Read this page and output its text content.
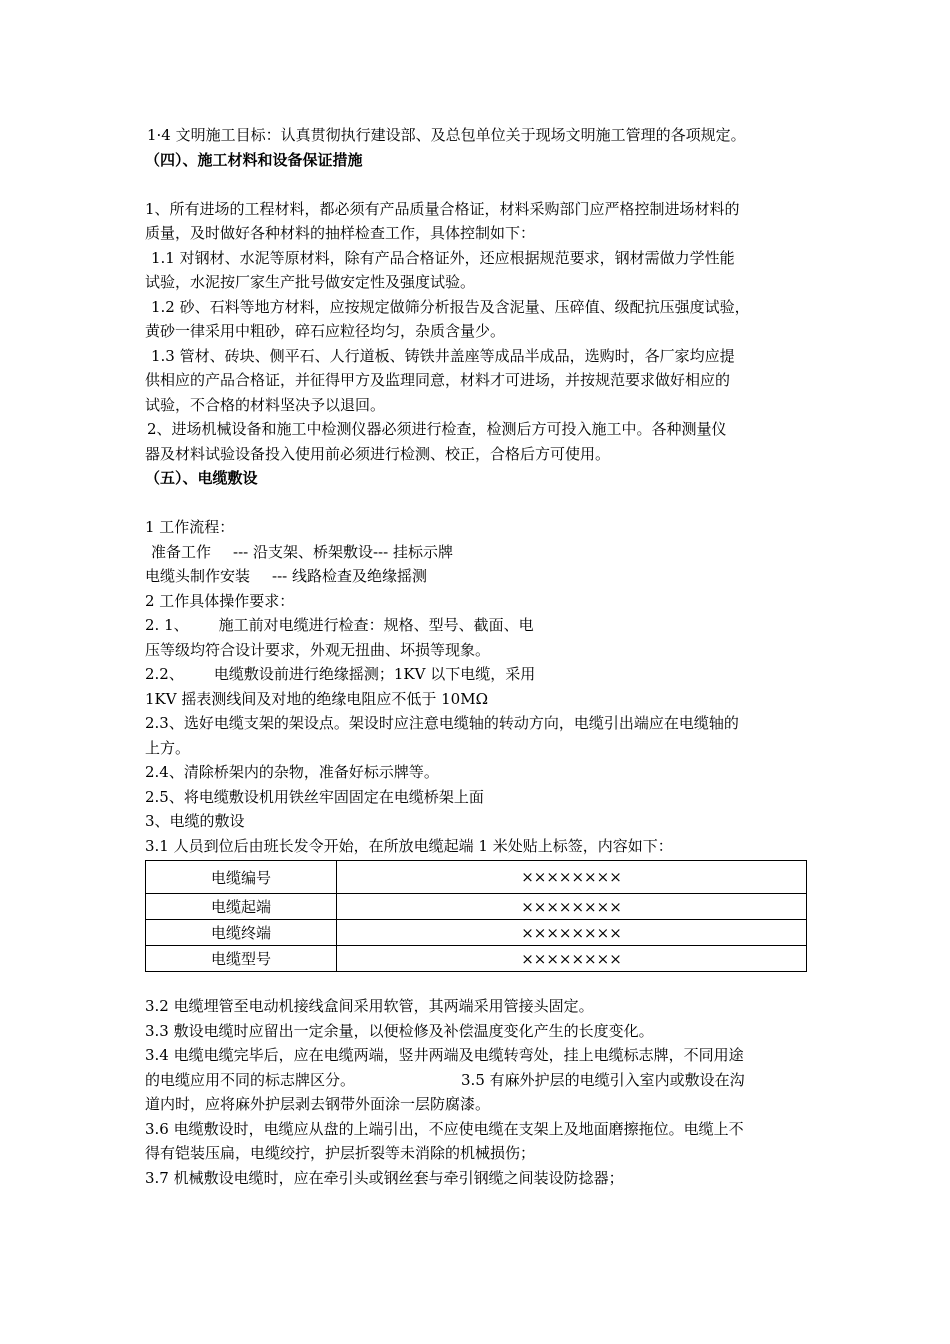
1·4 文明施工目标：认真贯彻执行建设部、及总包单位关于现场文明施工管理的各项规定。

（四）、施工材料和设备保证措施

1、所有进场的工程材料，都必须有产品质量合格证，材料采购部门应严格控制进场材料的

质量，及时做好各种材料的抽样检查工作，具体控制如下：

1.1 对钢材、水泥等原材料，除有产品合格证外，还应根据规范要求，钢材需做力学性能

试验，水泥按厂家生产批号做安定性及强度试验。

1.2 砂、石料等地方材料，应按规定做筛分析报告及含泥量、压碎值、级配抗压强度试验，

黄砂一律采用中粗砂，碎石应粒径均匀，杂质含量少。

1.3 管材、砖块、侧平石、人行道板、铸铁井盖座等成品半成品，选购时，各厂家均应提

供相应的产品合格证，并征得甲方及监理同意，材料才可进场，并按规范要求做好相应的

试验，不合格的材料坚决予以退回。

2、进场机械设备和施工中检测仪器必须进行检查，检测后方可投入施工中。各种测量仪

器及材料试验设备投入使用前必须进行检测、校正，合格后方可使用。

（五）、电缆敷设

1 工作流程：

准备工作 --- 沿支架、桥架敷设--- 挂标示牌

电缆头制作安装 --- 线路检查及绝缘摇测

2 工作具体操作要求：

2. 1、 施工前对电缆进行检查：规格、型号、截面、电

压等级均符合设计要求，外观无扭曲、坏损等现象。

2.2、 电缆敷设前进行绝缘摇测；1KV 以下电缆，采用

1KV 摇表测线间及对地的绝缘电阻应不低于 10MΩ

2.3、选好电缆支架的架设点。架设时应注意电缆轴的转动方向，电缆引出端应在电缆轴的

上方。

2.4、清除桥架内的杂物，准备好标示牌等。

2.5、将电缆敷设机用铁丝牢固固定在电缆桥架上面

3、电缆的敷设

3.1 人员到位后由班长发令开始，在所放电缆起端 1 米处贴上标签，内容如下：

电缆编号	××××××××
电缆起端	××××××××
电缆终端	××××××××
电缆型号	××××××××

3.2 电缆埋管至电动机接线盒间采用软管，其两端采用管接头固定。

3.3 敷设电缆时应留出一定余量，以便检修及补偿温度变化产生的长度变化。

3.4 电缆电缆完毕后，应在电缆两端，竖井两端及电缆转弯处，挂上电缆标志牌，不同用途

的电缆应用不同的标志牌区分。	3.5 有麻外护层的电缆引入室内或敷设在沟

道内时，应将麻外护层剥去钢带外面涂一层防腐漆。

3.6 电缆敷设时，电缆应从盘的上端引出，不应使电缆在支架上及地面磨擦拖位。电缆上不

得有铠装压扁，电缆绞拧，护层折裂等未消除的机械损伤；

3.7 机械敷设电缆时，应在牵引头或钢丝套与牵引钢缆之间装设防捻器；
